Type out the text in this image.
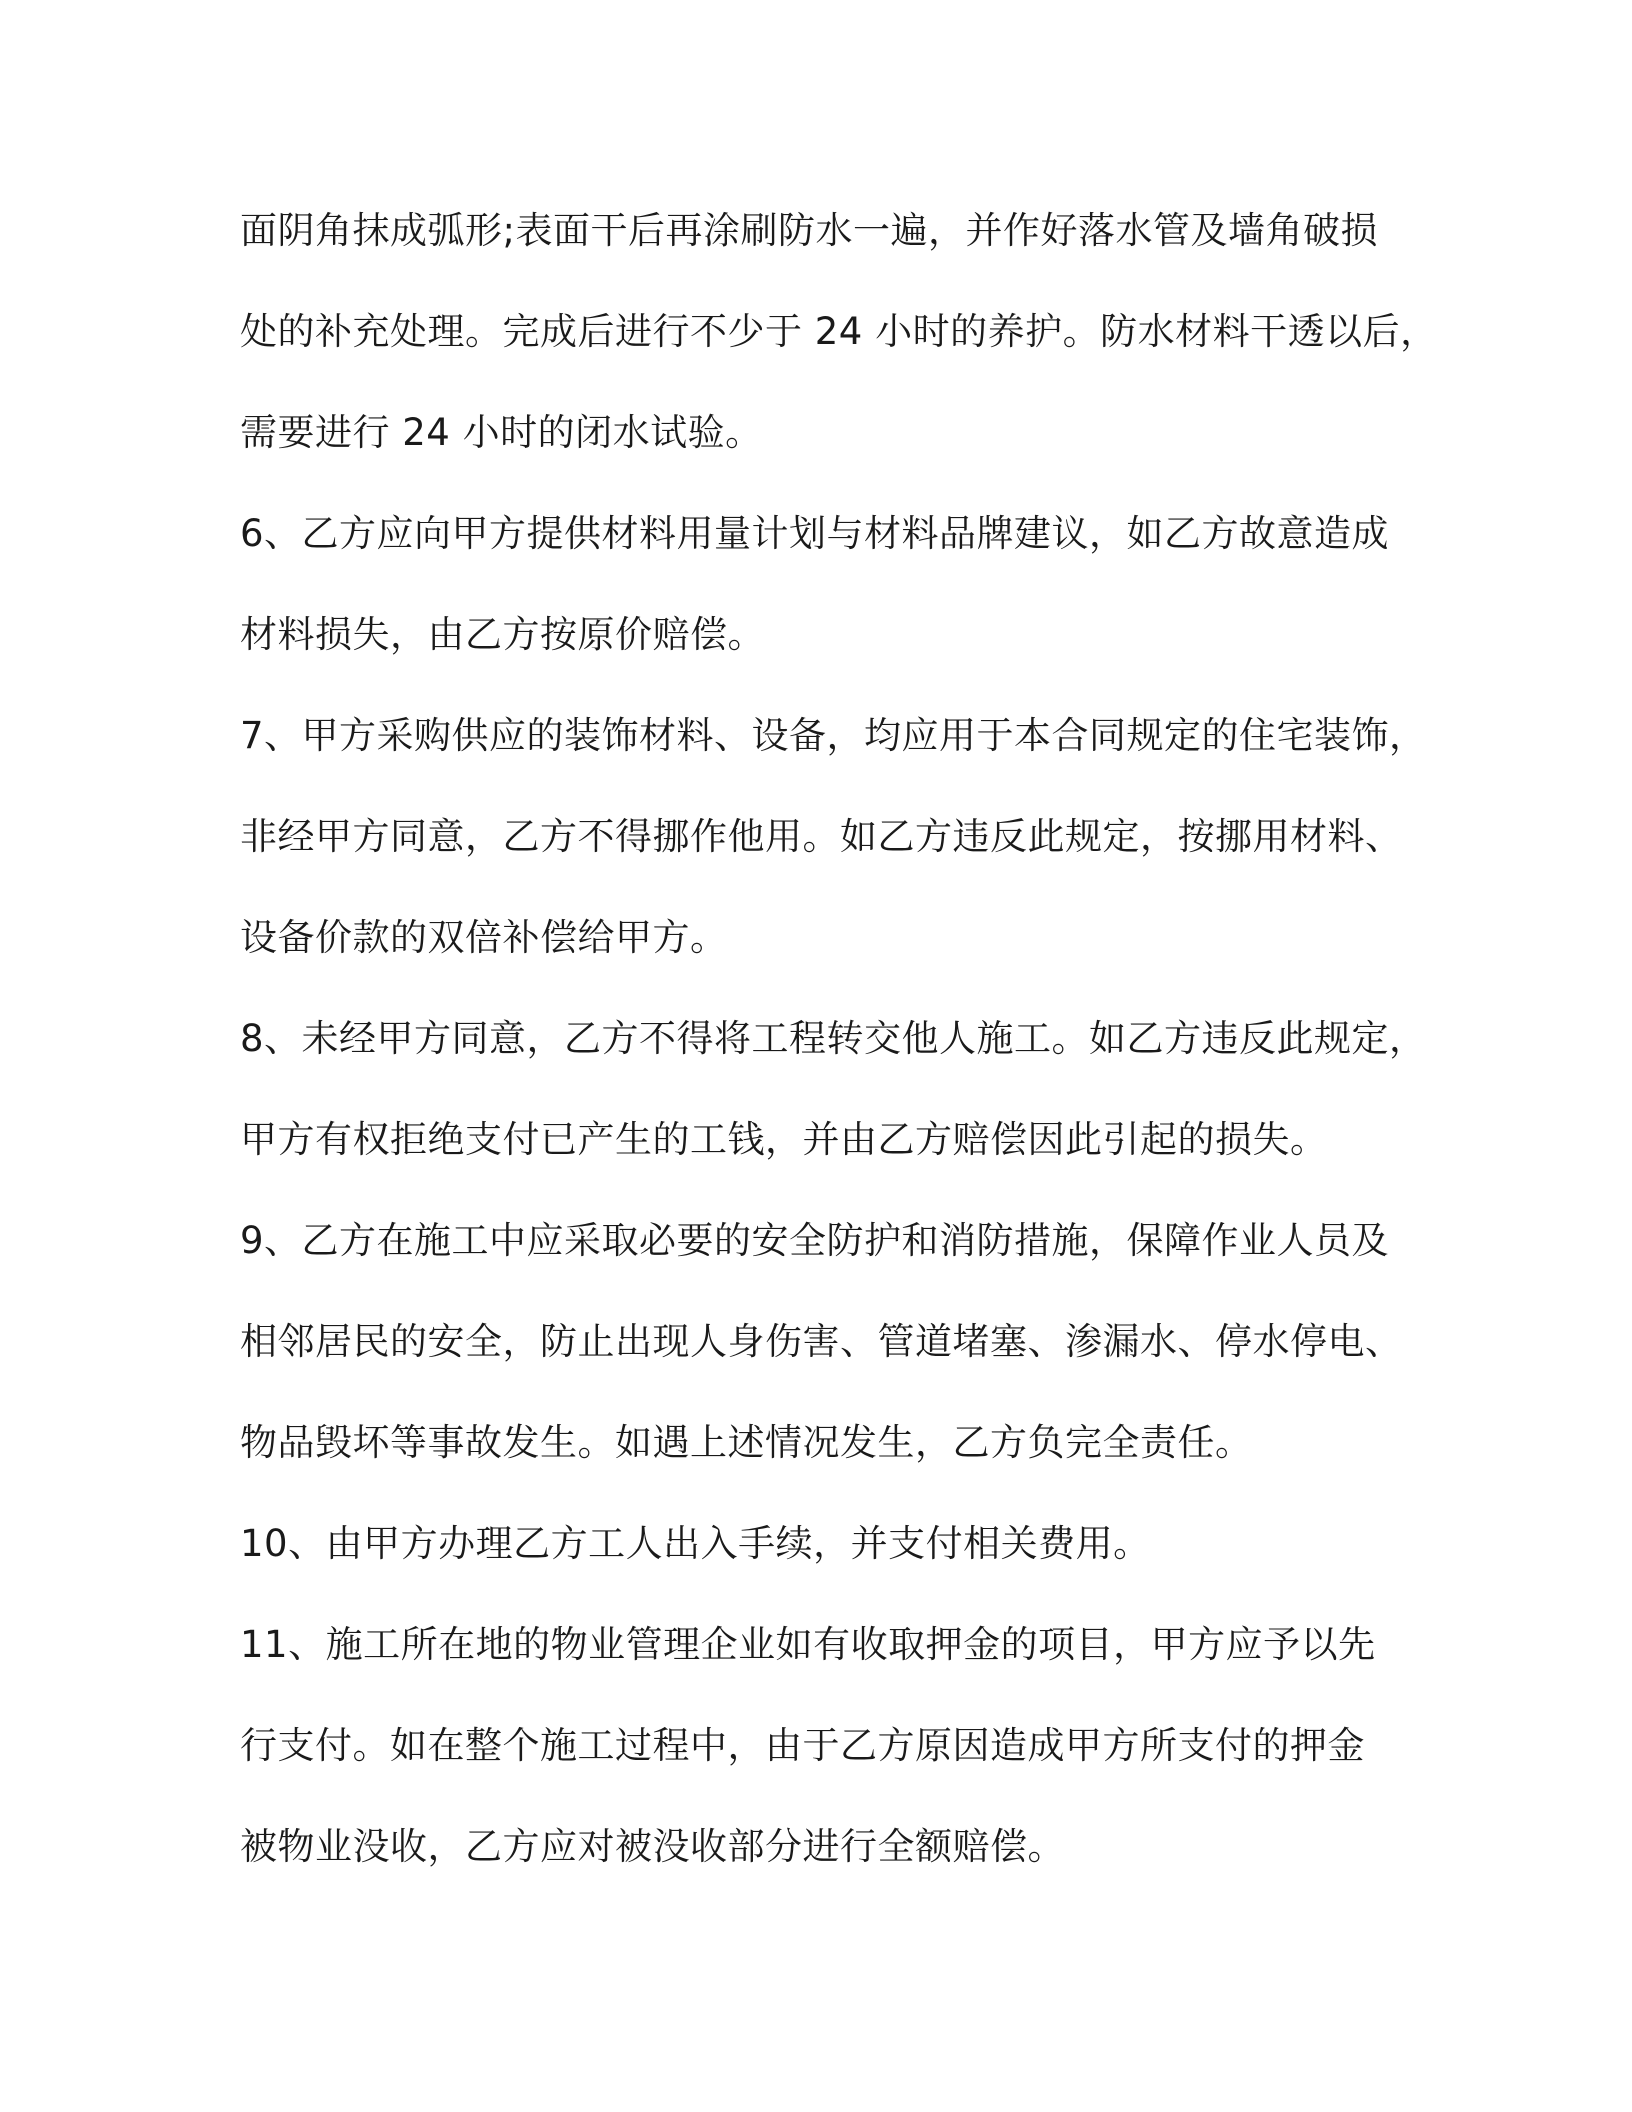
面阴角抹成弧形;表面干后再涂刷防水一遍，并作好落水管及墙角破损
处的补充处理。完成后进行不少于 24 小时的养护。防水材料干透以后，
需要进行 24 小时的闭水试验。
6、乙方应向甲方提供材料用量计划与材料品牌建议，如乙方故意造成
材料损失，由乙方按原价赔偿。
7、甲方采购供应的装饰材料、设备，均应用于本合同规定的住宅装饰，
非经甲方同意，乙方不得挪作他用。如乙方违反此规定，按挪用材料、
设备价款的双倍补偿给甲方。
8、未经甲方同意，乙方不得将工程转交他人施工。如乙方违反此规定，
甲方有权拒绝支付已产生的工钱，并由乙方赔偿因此引起的损失。
9、乙方在施工中应采取必要的安全防护和消防措施，保障作业人员及
相邻居民的安全，防止出现人身伤害、管道堵塞、渗漏水、停水停电、
物品毁坏等事故发生。如遇上述情况发生，乙方负完全责任。
10、由甲方办理乙方工人出入手续，并支付相关费用。
11、施工所在地的物业管理企业如有收取押金的项目，甲方应予以先
行支付。如在整个施工过程中，由于乙方原因造成甲方所支付的押金
被物业没收，乙方应对被没收部分进行全额赔偿。
